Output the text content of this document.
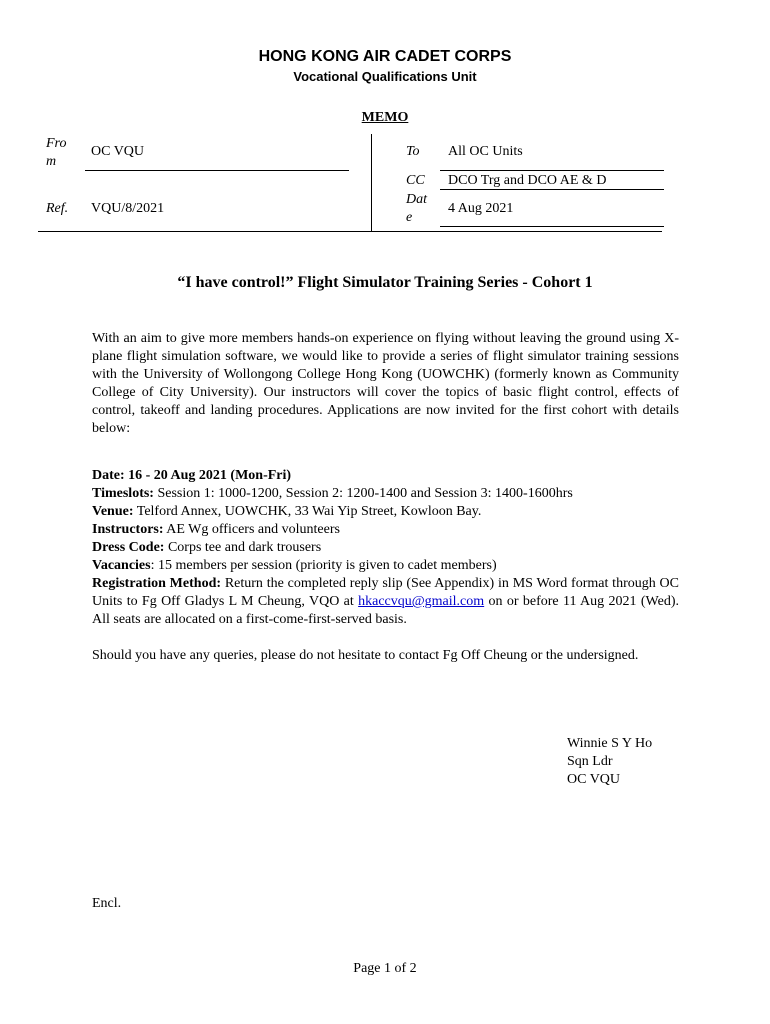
HONG KONG AIR CADET CORPS
Vocational Qualifications Unit
MEMO
Fro
m
OC VQU
Ref. VQU/8/2021
To All OC Units
CC DCO Trg and DCO AE & D
Dat
e
4 Aug 2021
“I have control!” Flight Simulator Training Series - Cohort 1

With an aim to give more members hands-on experience on flying without leaving the ground using X-plane flight simulation software, we would like to provide a series of flight simulator training sessions with the University of Wollongong College Hong Kong (UOWCHK) (formerly known as Community College of City University). Our instructors will cover the topics of basic flight control, effects of control, takeoff and landing procedures. Applications are now invited for the first cohort with details below:

Date: 16 - 20 Aug 2021 (Mon-Fri)
Timeslots: Session 1: 1000-1200, Session 2: 1200-1400 and Session 3: 1400-1600hrs
Venue: Telford Annex, UOWCHK, 33 Wai Yip Street, Kowloon Bay.
Instructors: AE Wg officers and volunteers
Dress Code: Corps tee and dark trousers
Vacancies: 15 members per session (priority is given to cadet members)
Registration Method: Return the completed reply slip (See Appendix) in MS Word format through OC Units to Fg Off Gladys L M Cheung, VQO at hkaccvqu@gmail.com on or before 11 Aug 2021 (Wed). All seats are allocated on a first-come-first-served basis.

Should you have any queries, please do not hesitate to contact Fg Off Cheung or the undersigned.

Winnie S Y Ho
Sqn Ldr
OC VQU
Encl.
Page 1 of 2
